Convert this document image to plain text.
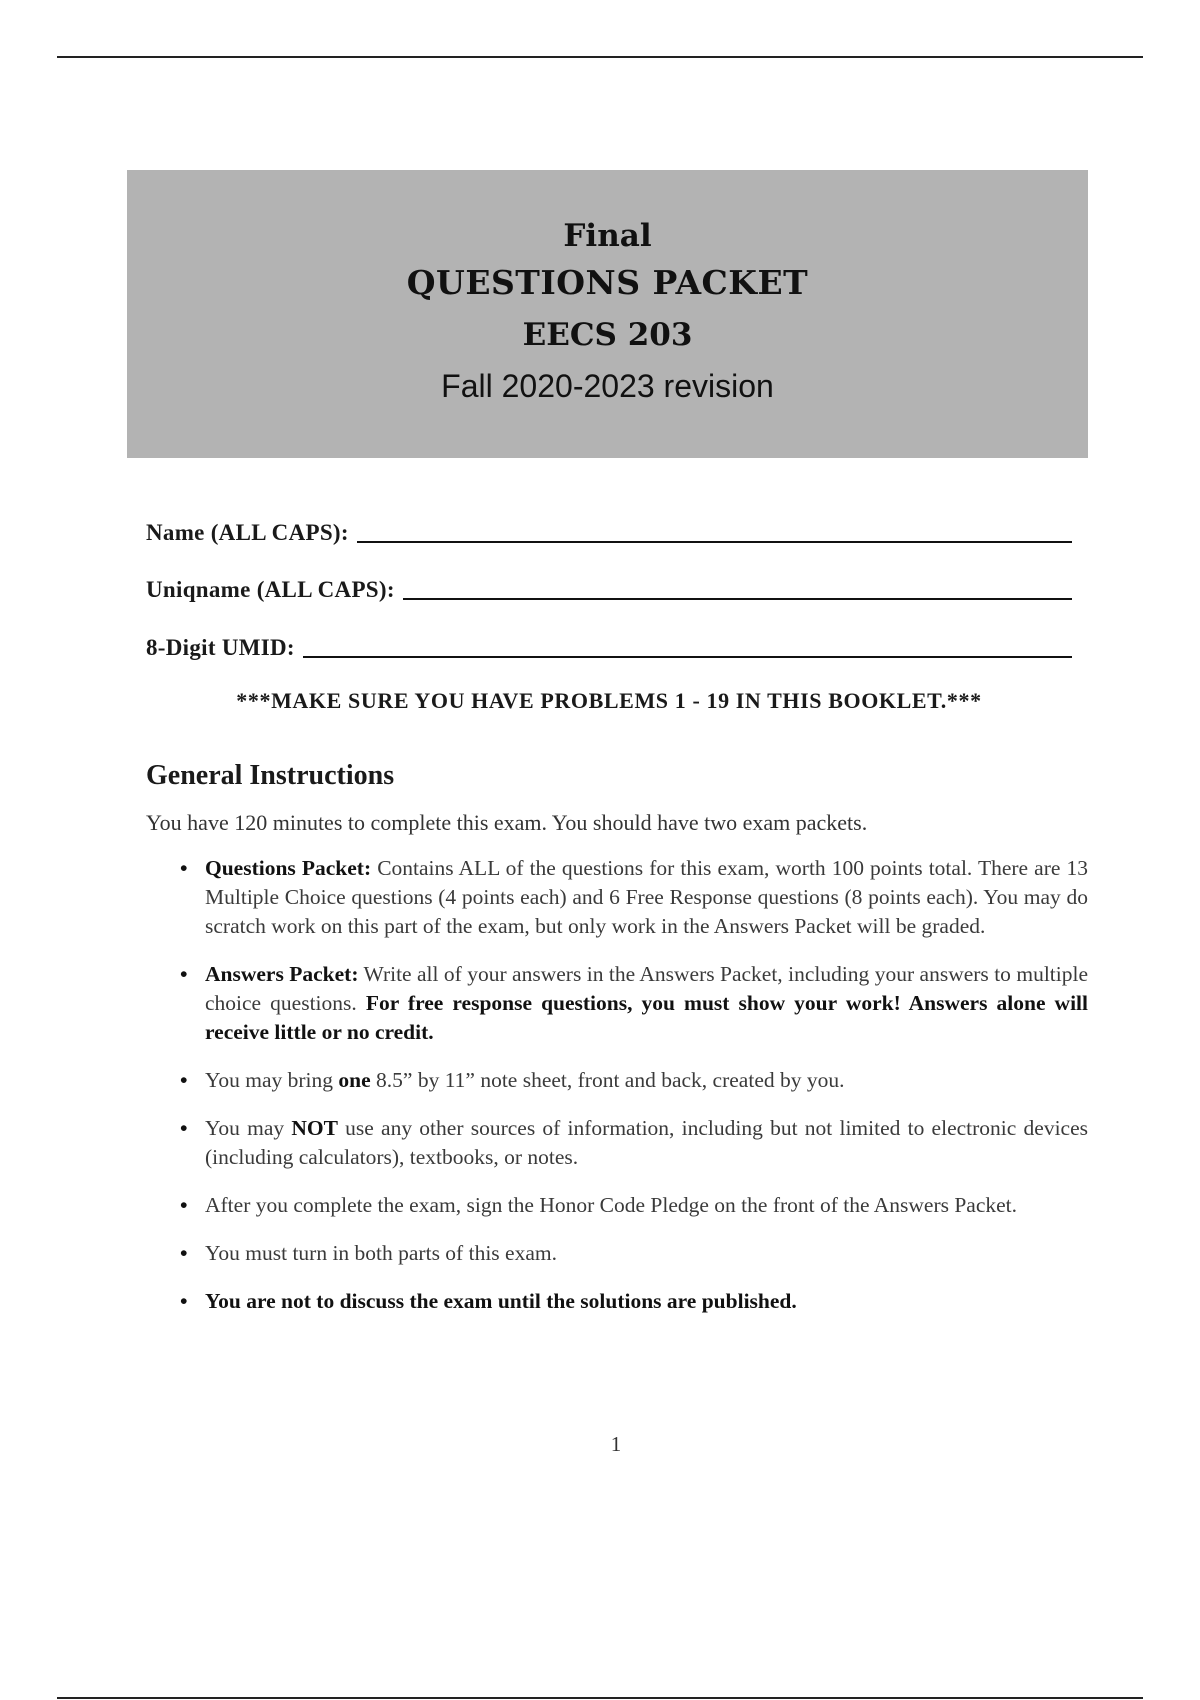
Final
QUESTIONS PACKET
EECS 203
Fall 2020-2023 revision
Name (ALL CAPS):
Uniqname (ALL CAPS):
8-Digit UMID:
***MAKE SURE YOU HAVE PROBLEMS 1 - 19 IN THIS BOOKLET.***
General Instructions
You have 120 minutes to complete this exam. You should have two exam packets.
• Questions Packet: Contains ALL of the questions for this exam, worth 100 points total. There are 13 Multiple Choice questions (4 points each) and 6 Free Response questions (8 points each). You may do scratch work on this part of the exam, but only work in the Answers Packet will be graded.
• Answers Packet: Write all of your answers in the Answers Packet, including your answers to multiple choice questions. For free response questions, you must show your work! Answers alone will receive little or no credit.
• You may bring one 8.5” by 11” note sheet, front and back, created by you.
• You may NOT use any other sources of information, including but not limited to electronic devices (including calculators), textbooks, or notes.
• After you complete the exam, sign the Honor Code Pledge on the front of the Answers Packet.
• You must turn in both parts of this exam.
• You are not to discuss the exam until the solutions are published.
1
